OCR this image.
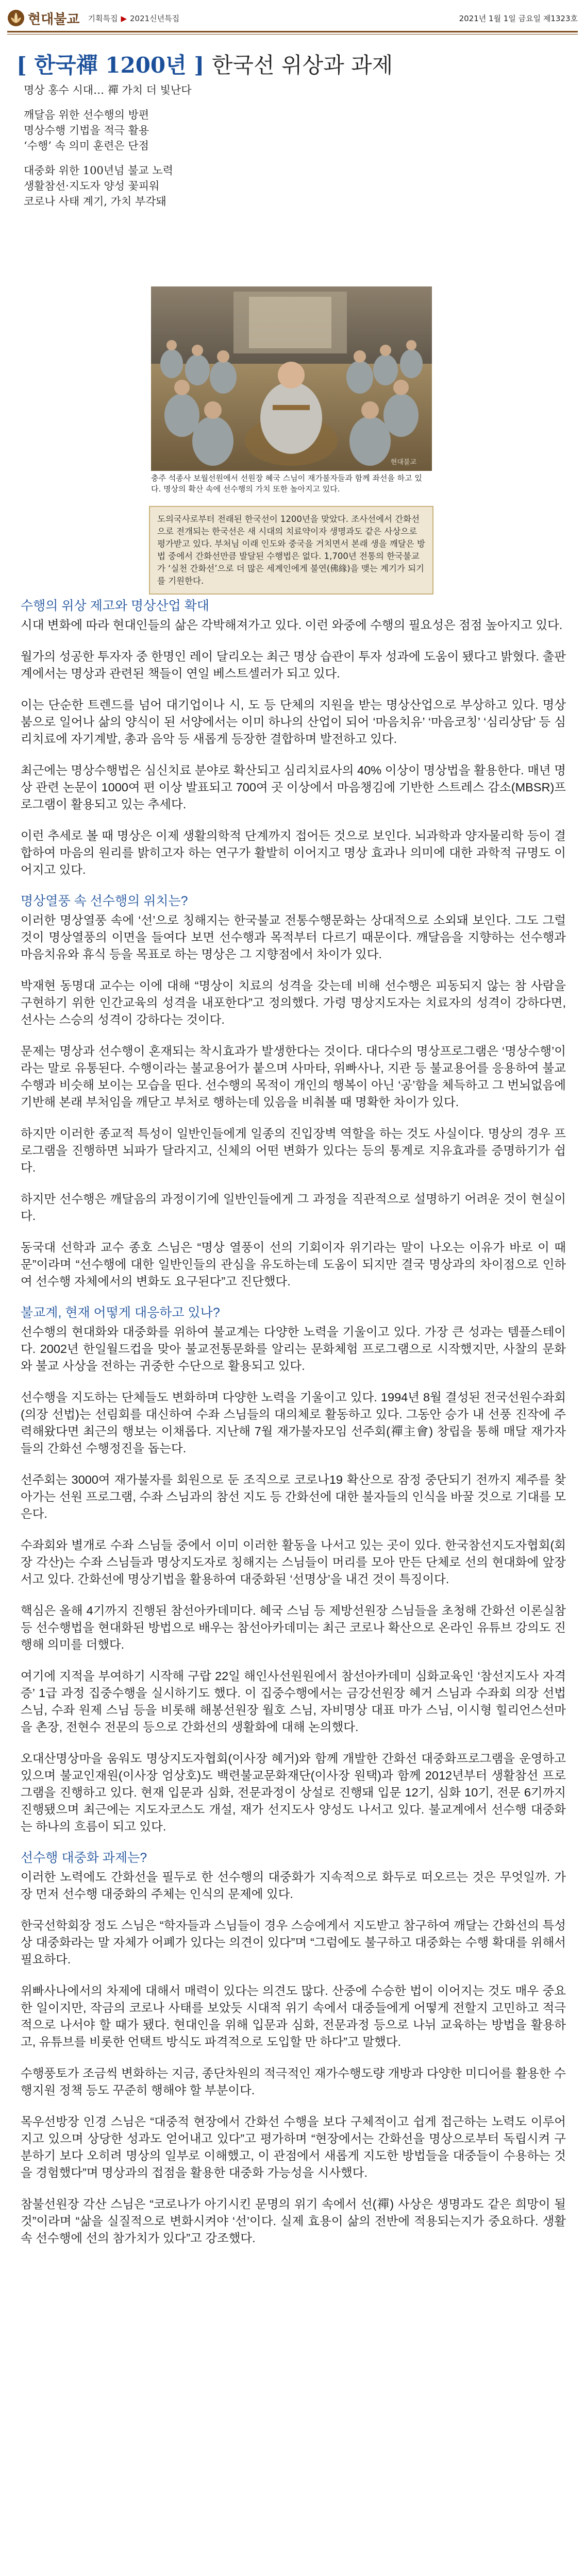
현대불교 기획특집 ▶ 2021신년특집	2021년 1월 1일 금요일 제1323호
[ 한국禪 1200년 ] 한국선 위상과 과제
명상 홍수 시대… 禪 가치 더 빛난다
깨달음 위한 선수행의 방편
명상수행 기법을 적극 활용
‘수행’ 속 의미 훈련은 단점
대중화 위한 100년넘 불교 노력
생활참선·지도자 양성 꽃피워
코로나 사태 계기, 가치 부각돼
현대불교
충주 석종사 보월선원에서 선원장 혜국 스님이 재가불자들과 함께 좌선을 하고 있다. 명상의 확산 속에 선수행의 가치 또한 높아지고 있다.
도의국사로부터 전래된 한국선이 1200년을 맞았다. 조사선에서 간화선으로 전개되는 한국선은 새 시대의 치료약이자 생명과도 같은 사상으로 평가받고 있다. 부처님 이래 인도와 중국을 거치면서 본래 생을 깨달은 방법 중에서 간화선만큼 발달된 수행법은 없다. 1,700년 전통의 한국불교가 ‘실천 간화선’으로 더 많은 세계인에게 불연(佛緣)을 맺는 계기가 되기를 기원한다.
수행의 위상 제고와 명상산업 확대

시대 변화에 따라 현대인들의 삶은 각박해져가고 있다. 이런 와중에 수행의 필요성은 점점 높아지고 있다.

월가의 성공한 투자자 중 한명인 레이 달리오는 최근 명상 습관이 투자 성과에 도움이 됐다고 밝혔다. 출판계에서는 명상과 관련된 책들이 연일 베스트셀러가 되고 있다.

이는 단순한 트렌드를 넘어 대기업이나 시, 도 등 단체의 지원을 받는 명상산업으로 부상하고 있다. 명상 붐으로 일어나 삶의 양식이 된 서양에서는 이미 하나의 산업이 되어 ‘마음치유’ ‘마음코칭’ ‘심리상담’ 등 심리치료에 자기계발, 총과 음악 등 새롭게 등장한 결합하며 발전하고 있다.

최근에는 명상수행법은 심신치료 분야로 확산되고 심리치료사의 40% 이상이 명상법을 활용한다. 매년 명상 관련 논문이 1000여 편 이상 발표되고 700여 곳 이상에서 마음챙김에 기반한 스트레스 감소(MBSR)프로그램이 활용되고 있는 추세다.

이런 추세로 볼 때 명상은 이제 생활의학적 단계까지 접어든 것으로 보인다. 뇌과학과 양자물리학 등이 결합하여 마음의 원리를 밝히고자 하는 연구가 활발히 이어지고 명상 효과나 의미에 대한 과학적 규명도 이어지고 있다.

명상열풍 속 선수행의 위치는?

이러한 명상열풍 속에 ‘선’으로 칭해지는 한국불교 전통수행문화는 상대적으로 소외돼 보인다. 그도 그럴 것이 명상열풍의 이면을 들여다 보면 선수행과 목적부터 다르기 때문이다. 깨달음을 지향하는 선수행과 마음치유와 휴식 등을 목표로 하는 명상은 그 지향점에서 차이가 있다.

박재현 동명대 교수는 이에 대해 “명상이 치료의 성격을 갖는데 비해 선수행은 피동되지 않는 참 사람을 구현하기 위한 인간교육의 성격을 내포한다”고 정의했다. 가령 명상지도자는 치료자의 성격이 강하다면, 선사는 스승의 성격이 강하다는 것이다.

문제는 명상과 선수행이 혼재되는 착시효과가 발생한다는 것이다. 대다수의 명상프로그램은 ‘명상수행’이라는 말로 유통된다. 수행이라는 불교용어가 붙으며 사마타, 위빠사나, 지관 등 불교용어를 응용하여 불교수행과 비슷해 보이는 모습을 띤다. 선수행의 목적이 개인의 행복이 아닌 ‘공’함을 체득하고 그 번뇌없음에 기반해 본래 부처임을 깨닫고 부처로 행하는데 있음을 비춰볼 때 명확한 차이가 있다.

하지만 이러한 종교적 특성이 일반인들에게 일종의 진입장벽 역할을 하는 것도 사실이다. 명상의 경우 프로그램을 진행하면 뇌파가 달라지고, 신체의 어떤 변화가 있다는 등의 통계로 지유효과를 증명하기가 쉽다.

하지만 선수행은 깨달음의 과정이기에 일반인들에게 그 과정을 직관적으로 설명하기 어려운 것이 현실이다.

동국대 선학과 교수 종호 스님은 “명상 열풍이 선의 기회이자 위기라는 말이 나오는 이유가 바로 이 때문”이라며 “선수행에 대한 일반인들의 관심을 유도하는데 도움이 되지만 결국 명상과의 차이점으로 인하여 선수행 자체에서의 변화도 요구된다”고 진단했다.

불교계, 현재 어떻게 대응하고 있나?

선수행의 현대화와 대중화를 위하여 불교계는 다양한 노력을 기울이고 있다. 가장 큰 성과는 템플스테이다. 2002년 한일월드컵을 맞아 불교전통문화를 알리는 문화체험 프로그램으로 시작했지만, 사찰의 문화와 불교 사상을 전하는 귀중한 수단으로 활용되고 있다.

선수행을 지도하는 단체들도 변화하며 다양한 노력을 기울이고 있다. 1994년 8월 결성된 전국선원수좌회(의장 선법)는 선림회를 대신하여 수좌 스님들의 대의체로 활동하고 있다. 그동안 승가 내 선풍 진작에 주력해왔다면 최근의 행보는 이채롭다. 지난해 7월 재가불자모임 선주회(禪主會) 창립을 통해 매달 재가자들의 간화선 수행정진을 돕는다.

선주회는 3000여 재가불자를 회원으로 둔 조직으로 코로나19 확산으로 잠정 중단되기 전까지 제주를 찾아가는 선원 프로그램, 수좌 스님과의 참선 지도 등 간화선에 대한 불자들의 인식을 바꿀 것으로 기대를 모은다.

수좌회와 별개로 수좌 스님들 중에서 이미 이러한 활동을 나서고 있는 곳이 있다. 한국참선지도자협회(회장 각산)는 수좌 스님들과 명상지도자로 칭해지는 스님들이 머리를 모아 만든 단체로 선의 현대화에 앞장서고 있다. 간화선에 명상기법을 활용하여 대중화된 ‘선명상’을 내건 것이 특징이다.

핵심은 올해 4기까지 진행된 참선아카데미다. 혜국 스님 등 제방선원장 스님들을 초청해 간화선 이론실참 등 선수행법을 현대화된 방법으로 배우는 참선아카데미는 최근 코로나 확산으로 온라인 유튜브 강의도 진행해 의미를 더했다.

여기에 지적을 부여하기 시작해 구랍 22일 해인사선원원에서 참선아카데미 심화교육인 ‘참선지도사 자격증’ 1급 과정 집중수행을 실시하기도 했다. 이 집중수행에서는 금강선원장 혜거 스님과 수좌회 의장 선법 스님, 수좌 원제 스님 등을 비롯해 해봉선원장 월호 스님, 자비명상 대표 마가 스님, 이시형 힐리언스선마을 촌장, 전현수 전문의 등으로 간화선의 생활화에 대해 논의했다.

오대산명상마을 움워도 명상지도자협회(이사장 혜거)와 함께 개발한 간화선 대중화프로그램을 운영하고 있으며 불교인재원(이사장 엄상호)도 백련불교문화재단(이사장 원택)과 함께 2012년부터 생활참선 프로그램을 진행하고 있다. 현재 입문과 심화, 전문과정이 상설로 진행돼 입문 12기, 심화 10기, 전문 6기까지 진행됐으며 최근에는 지도자코스도 개설, 재가 선지도사 양성도 나서고 있다. 불교계에서 선수행 대중화는 하나의 흐름이 되고 있다.

선수행 대중화 과제는?

이러한 노력에도 간화선을 필두로 한 선수행의 대중화가 지속적으로 화두로 떠오르는 것은 무엇일까. 가장 먼저 선수행 대중화의 주체는 인식의 문제에 있다.

한국선학회장 정도 스님은 “학자들과 스님들이 경우 스승에게서 지도받고 참구하여 깨달는 간화선의 특성상 대중화라는 말 자체가 어폐가 있다는 의견이 있다”며 “그럼에도 불구하고 대중화는 수행 확대를 위해서 필요하다.

위빠사나에서의 차제에 대해서 매력이 있다는 의견도 많다. 산중에 수승한 법이 이어지는 것도 매우 중요한 일이지만, 작금의 코로나 사태를 보았듯 시대적 위기 속에서 대중들에게 어떻게 전할지 고민하고 적극적으로 나서야 할 때가 됐다. 현대인을 위해 입문과 심화, 전문과정 등으로 나뉘 교육하는 방법을 활용하고, 유튜브를 비롯한 언택트 방식도 파격적으로 도입할 만 하다”고 말했다.

수행풍토가 조금씩 변화하는 지금, 종단차원의 적극적인 재가수행도량 개방과 다양한 미디어를 활용한 수행지원 정책 등도 꾸준히 행해야 할 부분이다.

목우선방장 인경 스님은 “대중적 현장에서 간화선 수행을 보다 구체적이고 쉽게 접근하는 노력도 이루어지고 있으며 상당한 성과도 얻어내고 있다”고 평가하며 “현장에서는 간화선을 명상으로부터 독립시켜 구분하기 보다 오히려 명상의 일부로 이해했고, 이 관점에서 새롭게 지도한 방법들을 대중들이 수용하는 것을 경험했다”며 명상과의 접점을 활용한 대중화 가능성을 시사했다.

참불선원장 각산 스님은 “코로나가 아기시킨 문명의 위기 속에서 선(禪) 사상은 생명과도 같은 희망이 될 것”이라며 “삶을 실질적으로 변화시켜야 ‘선’이다. 실제 효용이 삶의 전반에 적용되는지가 중요하다. 생활 속 선수행에 선의 참가치가 있다”고 강조했다.
